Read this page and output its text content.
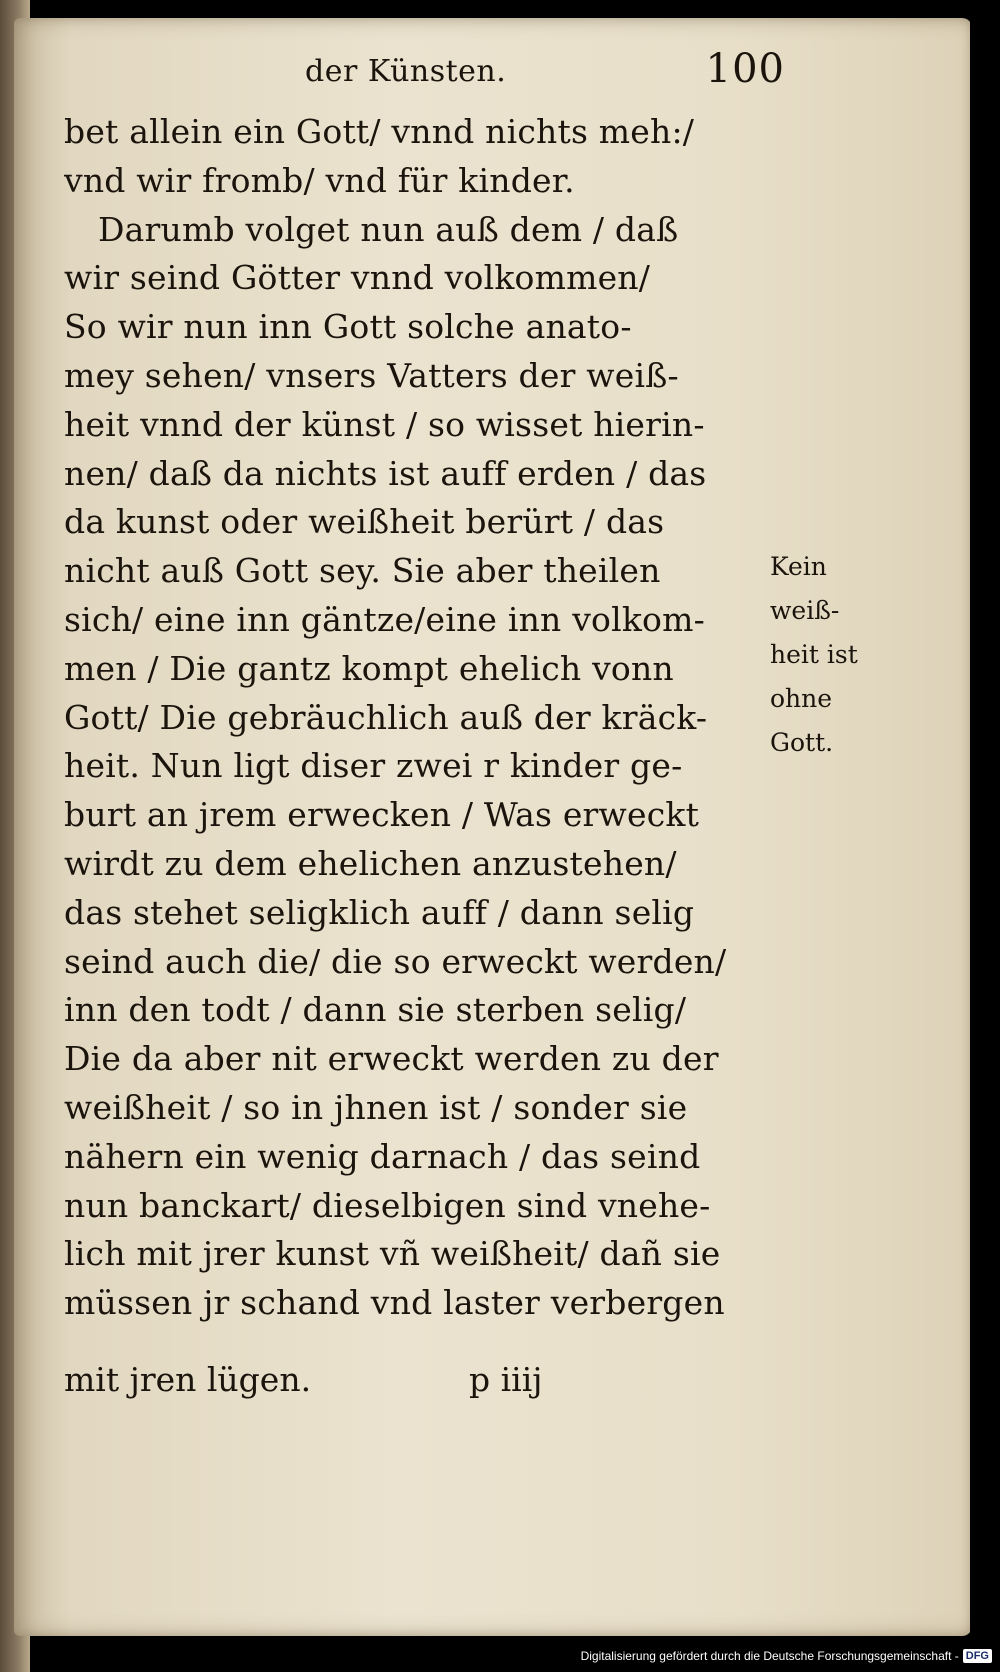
der Künsten.	100
bet allein ein Gott/ vnnd nichts meh:/
vnd wir fromb/ vnd für kinder.
Darumb volget nun auß dem / daß
wir seind Götter vnnd volkommen/
So wir nun inn Gott solche anato-
mey sehen/ vnsers Vatters der weiß-
heit vnnd der künst / so wisset hierin-
nen/ daß da nichts ist auff erden / das
da kunst oder weißheit berürt / das
nicht auß Gott sey. Sie aber theilen
sich/ eine inn gäntze/eine inn volkom-
men / Die gantz kompt ehelich vonn
Gott/ Die gebräuchlich auß der kräck-
heit. Nun ligt diser zwei r kinder ge-
burt an jrem erwecken / Was erweckt
wirdt zu dem ehelichen anzustehen/
das stehet seligklich auff / dann selig
seind auch die/ die so erweckt werden/
inn den todt / dann sie sterben selig/
Die da aber nit erweckt werden zu der
weißheit / so in jhnen ist / sonder sie
nähern ein wenig darnach / das seind
nun banckart/ dieselbigen sind vnehe-
lich mit jrer kunst vñ weißheit/ dañ sie
müssen jr schand vnd laster verbergen
mit jren lügen.	p iiij
Kein
weiß-
heit ist
ohne
Gott.
Digitalisierung gefördert durch die Deutsche Forschungsgemeinschaft - DFG
